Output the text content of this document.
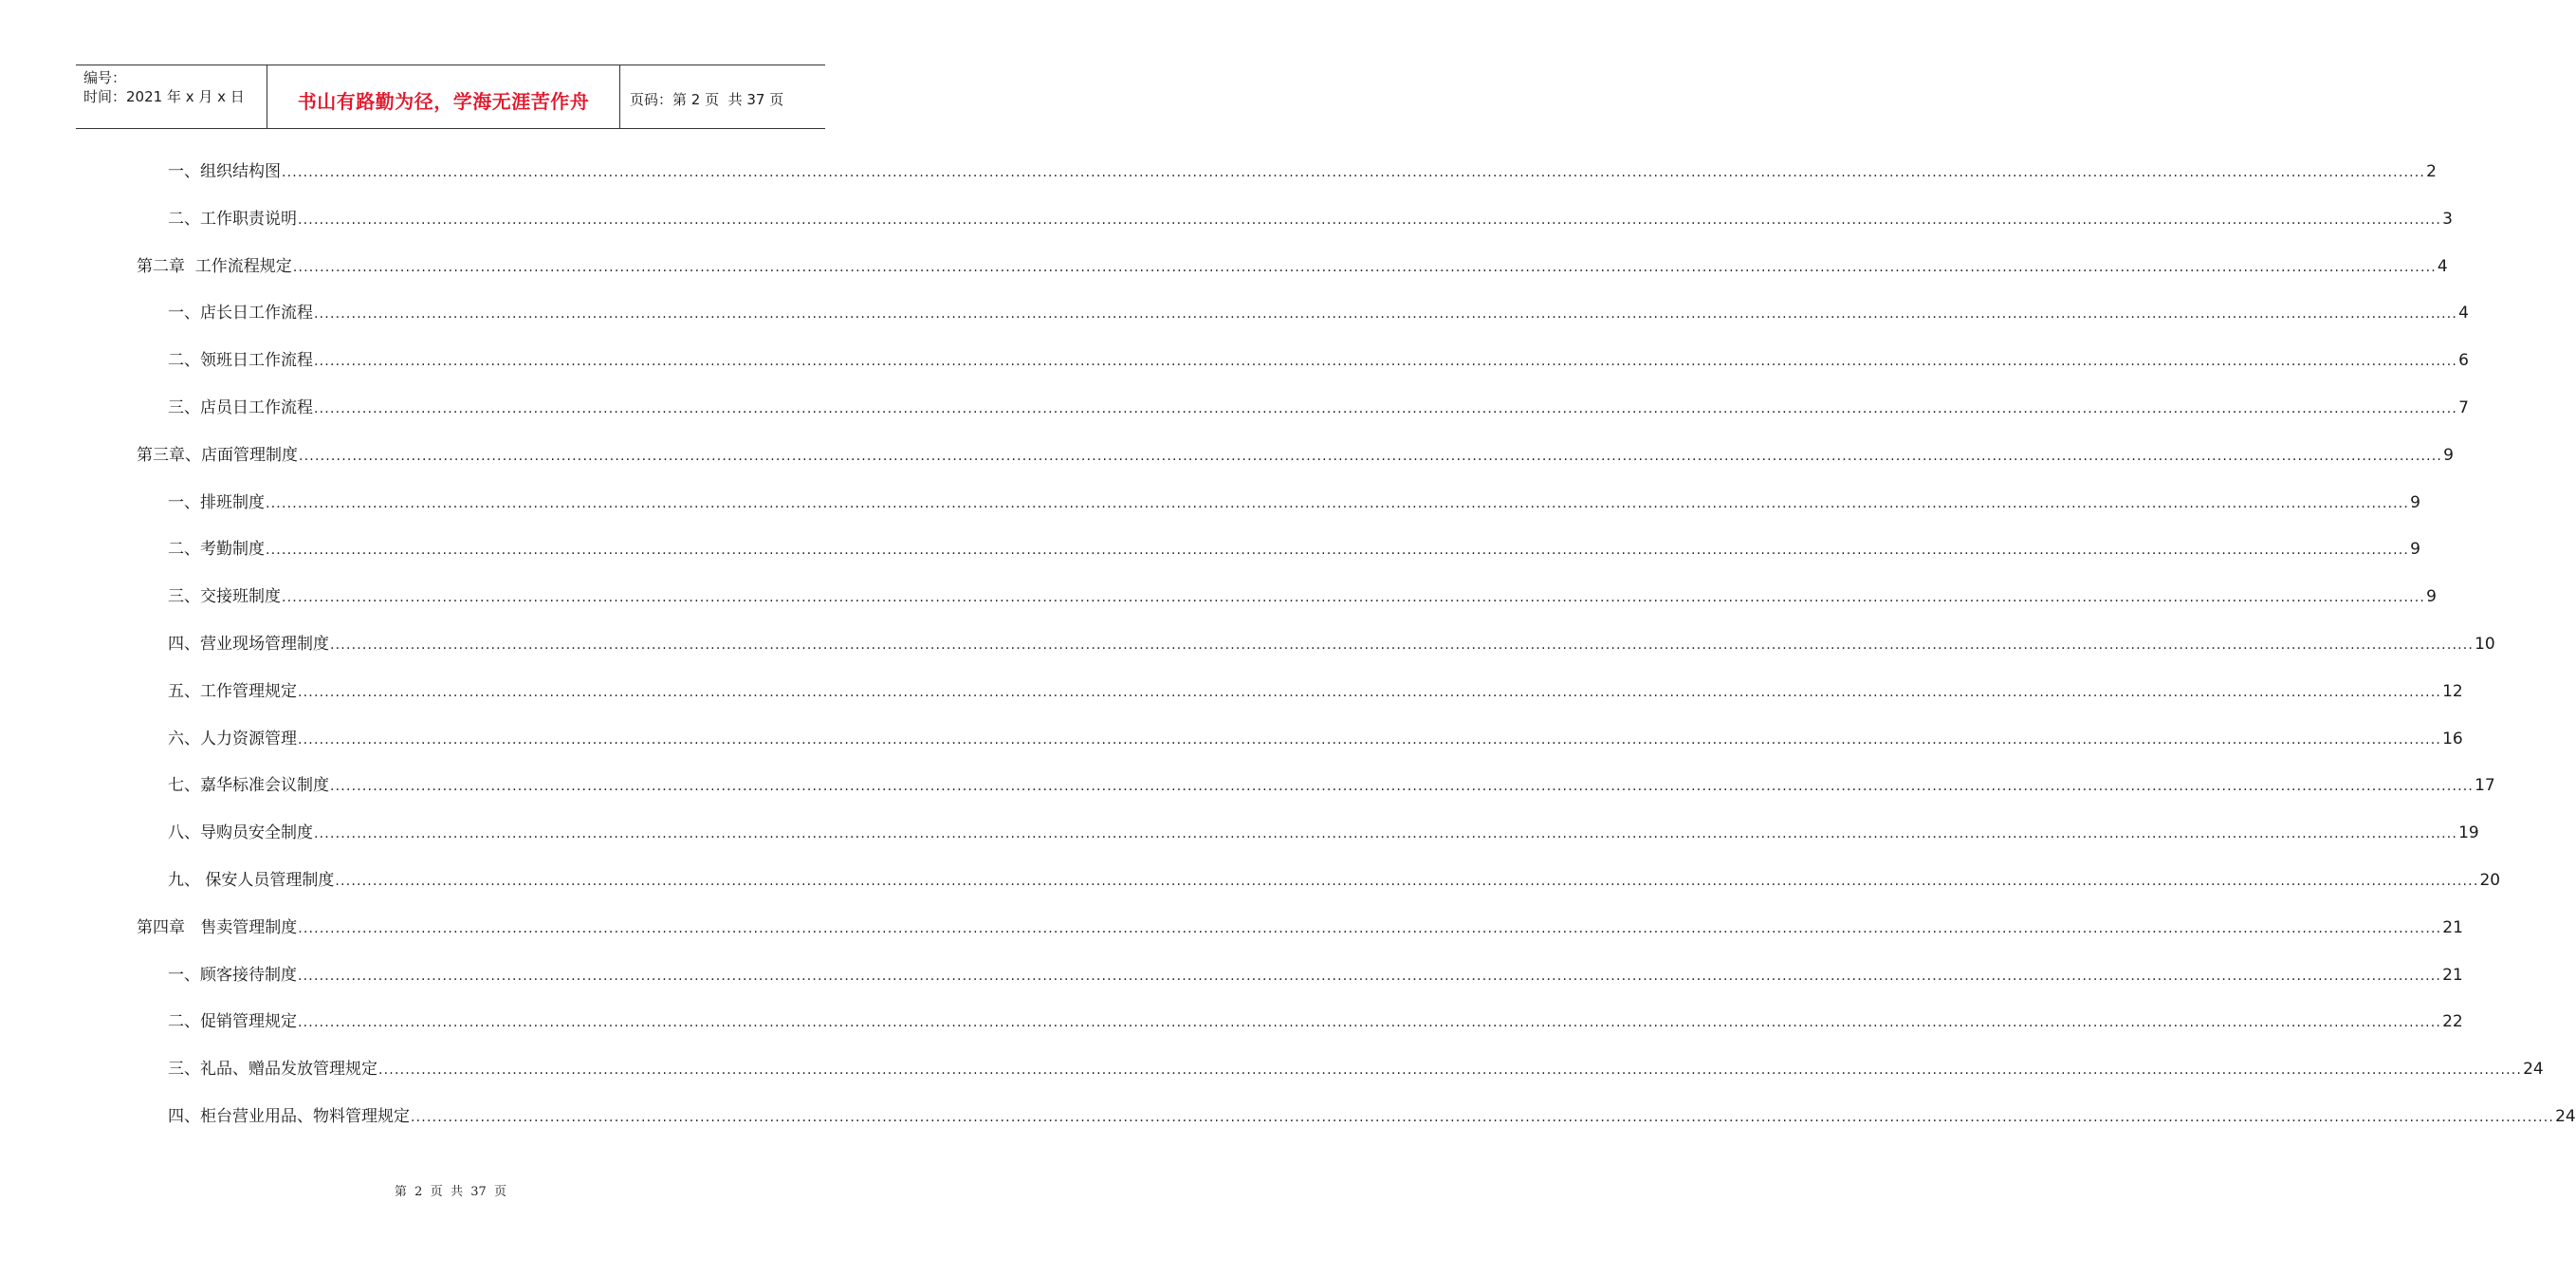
编号：
时间：2021 年 x 月 x 日	书山有路勤为径，学海无涯苦作舟	页码：第 2 页  共 37 页
一、组织结构图 ................................................................................................................................................................................................................................................................................................................................................................................................................ 2
二、工作职责说明 ................................................................................................................................................................................................................................................................................................................................................................................................................ 3
第二章  工作流程规定 ................................................................................................................................................................................................................................................................................................................................................................................................................ 4
一、店长日工作流程 ................................................................................................................................................................................................................................................................................................................................................................................................................ 4
二、领班日工作流程 ................................................................................................................................................................................................................................................................................................................................................................................................................ 6
三、店员日工作流程 ................................................................................................................................................................................................................................................................................................................................................................................................................ 7
第三章、店面管理制度 ................................................................................................................................................................................................................................................................................................................................................................................................................ 9
一、排班制度 ................................................................................................................................................................................................................................................................................................................................................................................................................ 9
二、考勤制度 ................................................................................................................................................................................................................................................................................................................................................................................................................ 9
三、交接班制度 ................................................................................................................................................................................................................................................................................................................................................................................................................ 9
四、营业现场管理制度 ................................................................................................................................................................................................................................................................................................................................................................................................................ 10
五、工作管理规定 ................................................................................................................................................................................................................................................................................................................................................................................................................ 12
六、人力资源管理 ................................................................................................................................................................................................................................................................................................................................................................................................................ 16
七、嘉华标准会议制度 ................................................................................................................................................................................................................................................................................................................................................................................................................ 17
八、导购员安全制度 ................................................................................................................................................................................................................................................................................................................................................................................................................ 19
九、 保安人员管理制度 ................................................................................................................................................................................................................................................................................................................................................................................................................ 20
第四章   售卖管理制度 ................................................................................................................................................................................................................................................................................................................................................................................................................ 21
一、顾客接待制度 ................................................................................................................................................................................................................................................................................................................................................................................................................ 21
二、促销管理规定 ................................................................................................................................................................................................................................................................................................................................................................................................................ 22
三、礼品、赠品发放管理规定 ................................................................................................................................................................................................................................................................................................................................................................................................................ 24
四、柜台营业用品、物料管理规定 ................................................................................................................................................................................................................................................................................................................................................................................................................ 24
第  2  页  共  37  页
